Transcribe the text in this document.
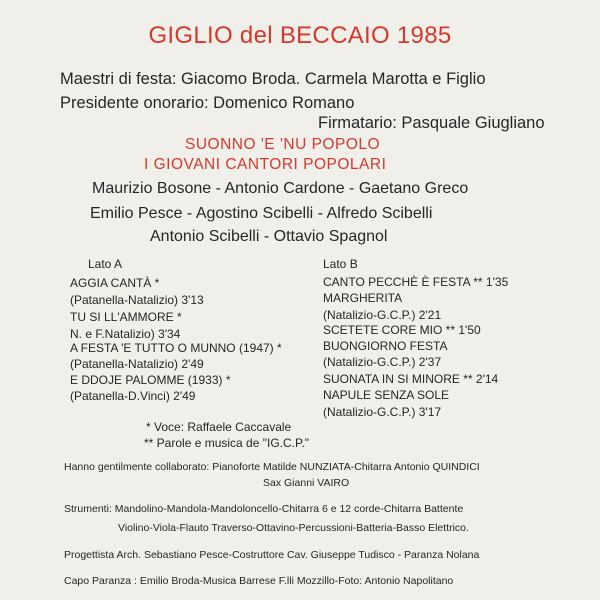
GIGLIO del BECCAIO 1985
Maestri di festa: Giacomo Broda. Carmela Marotta e Figlio
Presidente onorario: Domenico Romano
Firmatario: Pasquale Giugliano
SUONNO 'E 'NU POPOLO
I GIOVANI CANTORI POPOLARI
Maurizio Bosone - Antonio Cardone - Gaetano Greco
Emilio Pesce - Agostino Scibelli - Alfredo Scibelli
Antonio Scibelli - Ottavio Spagnol
Lato A
AGGIA CANTÀ *
(Patanella-Natalizio) 3'13
TU SI LL'AMMORE *
N. e F.Natalizio) 3'34
A FESTA 'E TUTTO O MUNNO (1947) *
(Patanella-Natalizio) 2'49
E DDOJE PALOMME (1933) *
(Patanella-D.Vinci) 2'49
Lato B
CANTO PECCHÈ È FESTA ** 1'35
MARGHERITA
(Natalizio-G.C.P.) 2'21
SCETETE CORE MIO ** 1'50
BUONGIORNO FESTA
(Natalizio-G.C.P.) 2'37
SUONATA IN SI MINORE ** 2'14
NAPULE SENZA SOLE
(Natalizio-G.C.P.) 3'17
* Voce: Raffaele Caccavale
** Parole e musica de "IG.C.P."
Hanno gentilmente collaborato: Pianoforte Matilde NUNZIATA-Chitarra Antonio QUINDICI
Sax Gianni VAIRO
Strumenti: Mandolino-Mandola-Mandoloncello-Chitarra 6 e 12 corde-Chitarra Battente
Violino-Viola-Flauto Traverso-Ottavino-Percussioni-Batteria-Basso Elettrico.
Progettista Arch. Sebastiano Pesce-Costruttore Cav. Giuseppe Tudisco - Paranza Nolana
Capo Paranza : Emilio Broda-Musica Barrese F.lli Mozzillo-Foto: Antonio Napolitano
